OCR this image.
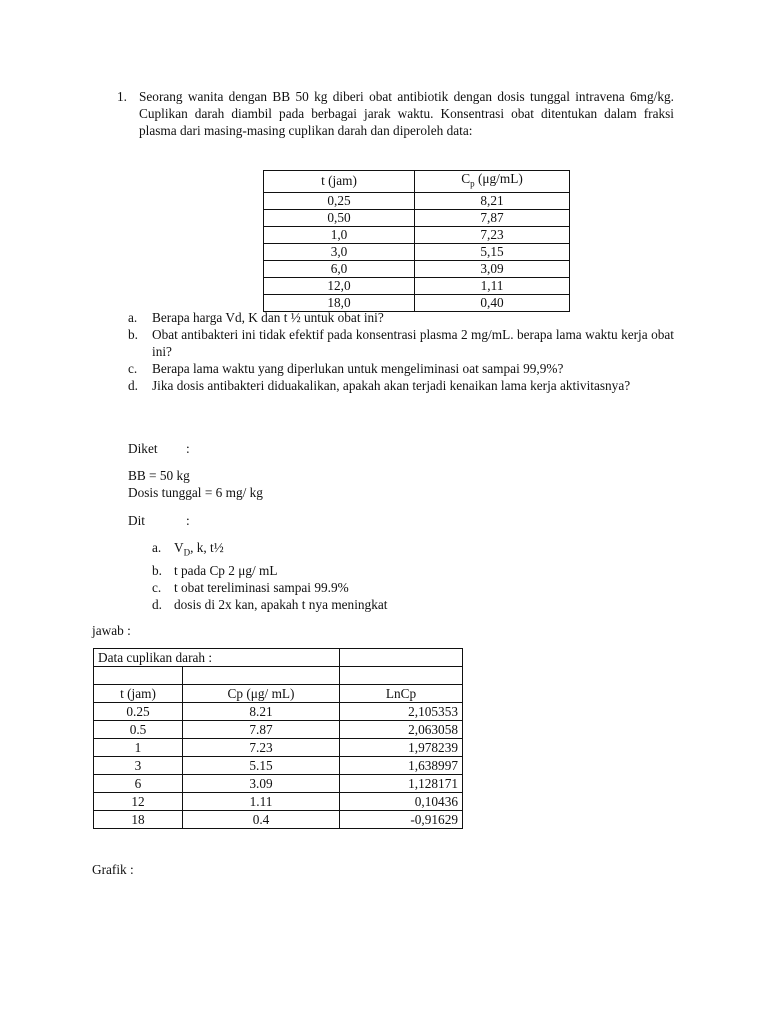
1. Seorang wanita dengan BB 50 kg diberi obat antibiotik dengan dosis tunggal intravena 6mg/kg. Cuplikan darah diambil pada berbagai jarak waktu. Konsentrasi obat ditentukan dalam fraksi plasma dari masing-masing cuplikan darah dan diperoleh data:
t (jam)	$C_p$ (μg/mL)
0,25	8,21
0,50	7,87
1,0	7,23
3,0	5,15
6,0	3,09
12,0	1,11
18,0	0,40
a. Berapa harga Vd, K dan t ½ untuk obat ini?
b. Obat antibakteri ini tidak efektif pada konsentrasi plasma 2 mg/mL. berapa lama waktu kerja obat ini?
c. Berapa lama waktu yang diperlukan untuk mengeliminasi oat sampai 99,9%?
d. Jika dosis antibakteri diduakalikan, apakah akan terjadi kenaikan lama kerja aktivitasnya?
Diket :
BB = 50 kg
Dosis tunggal = 6 mg/ kg
Dit	:
a. $V_D$, k, t½
b. t pada Cp 2 μg/ mL
c. t obat tereliminasi sampai 99.9%
d. dosis di 2x kan, apakah t nya meningkat
jawab :
Data cuplikan darah :		

t (jam)	Cp (μg/ mL)	LnCp
0.25	8.21	2,105353
0.5	7.87	2,063058
1	7.23	1,978239
3	5.15	1,638997
6	3.09	1,128171
12	1.11	0,10436
18	0.4	-0,91629
Grafik :
